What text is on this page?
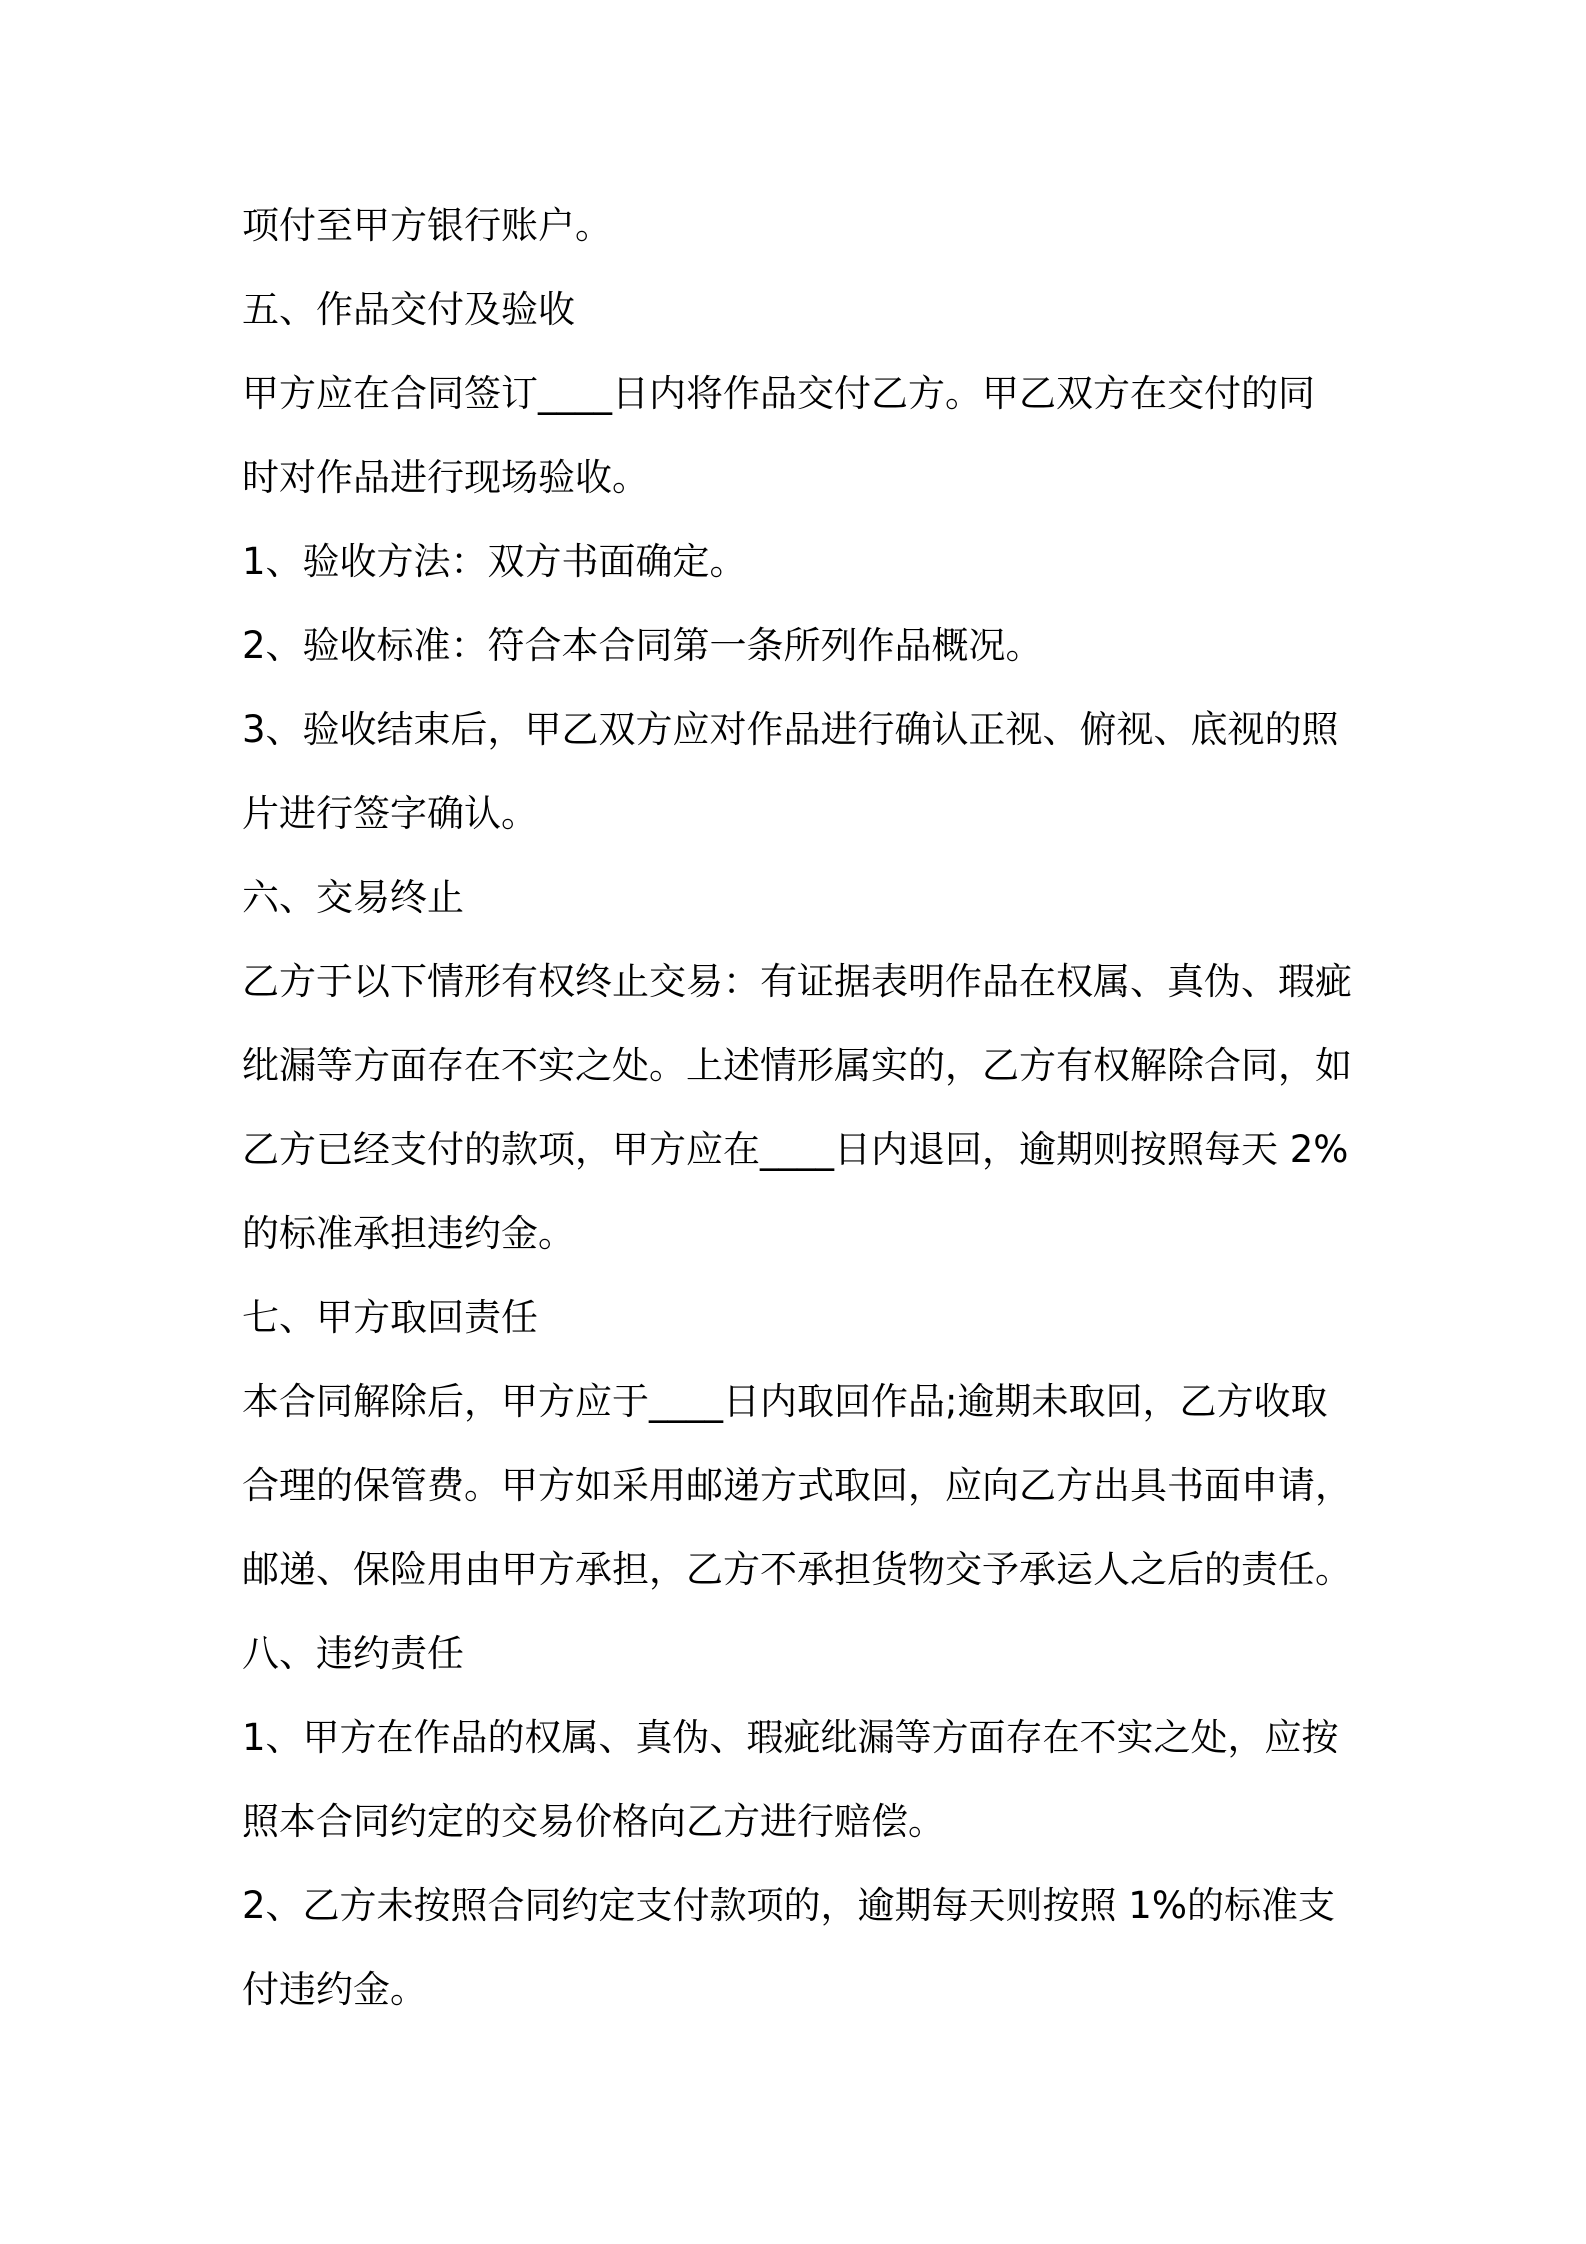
项付至甲方银行账户。
五、作品交付及验收
甲方应在合同签订____日内将作品交付乙方。甲乙双方在交付的同
时对作品进行现场验收。
1、验收方法：双方书面确定。
2、验收标准：符合本合同第一条所列作品概况。
3、验收结束后，甲乙双方应对作品进行确认正视、俯视、底视的照
片进行签字确认。
六、交易终止
乙方于以下情形有权终止交易：有证据表明作品在权属、真伪、瑕疵
纰漏等方面存在不实之处。上述情形属实的，乙方有权解除合同，如
乙方已经支付的款项，甲方应在____日内退回，逾期则按照每天 2%
的标准承担违约金。
七、甲方取回责任
本合同解除后，甲方应于____日内取回作品;逾期未取回，乙方收取
合理的保管费。甲方如采用邮递方式取回，应向乙方出具书面申请，
邮递、保险用由甲方承担，乙方不承担货物交予承运人之后的责任。
八、违约责任
1、甲方在作品的权属、真伪、瑕疵纰漏等方面存在不实之处，应按
照本合同约定的交易价格向乙方进行赔偿。
2、乙方未按照合同约定支付款项的，逾期每天则按照 1%的标准支
付违约金。
